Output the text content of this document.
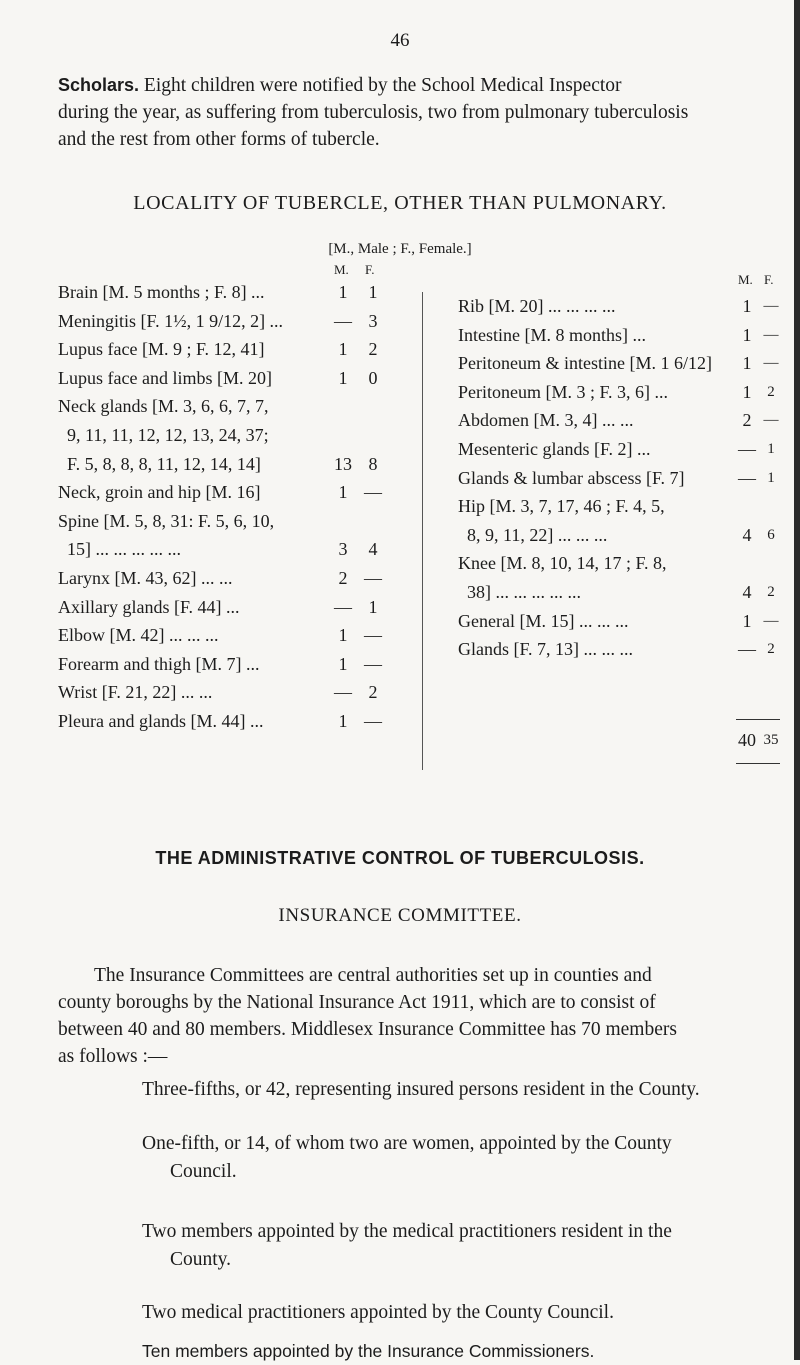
46
Scholars. Eight children were notified by the School Medical Inspector
during the year, as suffering from tuberculosis, two from pulmonary tuberculosis
and the rest from other forms of tubercle.
LOCALITY OF TUBERCLE, OTHER THAN PULMONARY.
[M., Male ; F., Female.]
M. F.
Brain [M. 5 months ; F. 8] ...	1	1
Meningitis [F. 1½, 1 9/12, 2] ...	— 3
Lupus face [M. 9 ; F. 12, 41]	1	2
Lupus face and limbs [M. 20]	1	0
Neck glands [M. 3, 6, 6, 7, 7,
9, 11, 11, 12, 12, 13, 24, 37;
F. 5, 8, 8, 8, 11, 12, 14, 14]	13 8
Neck, groin and hip [M. 16]	1 —
Spine [M. 5, 8, 31: F. 5, 6, 10,
15] ... ... ... ... ...	3	4
Larynx [M. 43, 62] ... ...	2 —
Axillary glands [F. 44] ...	— 1
Elbow [M. 42] ... ... ...	1 —
Forearm and thigh [M. 7] ...	1 —
Wrist [F. 21, 22] ... ...	— 2
Pleura and glands [M. 44] ...	1 —
M. F.
40 35
Rib [M. 20] ... ... ... ...	1 —
Intestine [M. 8 months] ...	1 —
Peritoneum & intestine [M. 1 6/12]	1 —
Peritoneum [M. 3 ; F. 3, 6] ...	1	2
Abdomen [M. 3, 4] ... ...	2 —
Mesenteric glands [F. 2] ...	— 1
Glands & lumbar abscess [F. 7]	— 1
Hip [M. 3, 7, 17, 46 ; F. 4, 5,
8, 9, 11, 22] ... ... ...	4	6
Knee [M. 8, 10, 14, 17 ; F. 8,
38] ... ... ... ... ...	4	2
General [M. 15] ... ... ...	1 —
Glands [F. 7, 13] ... ... ...	— 2
THE ADMINISTRATIVE CONTROL OF TUBERCULOSIS.
INSURANCE COMMITTEE.
The Insurance Committees are central authorities set up in counties and
county boroughs by the National Insurance Act 1911, which are to consist of
between 40 and 80 members. Middlesex Insurance Committee has 70 members
as follows :—
Three-fifths, or 42, representing insured persons resident in the County.
One-fifth, or 14, of whom two are women, appointed by the County
Council.
Two members appointed by the medical practitioners resident in the
County.
Two medical practitioners appointed by the County Council.
Ten members appointed by the Insurance Commissioners.
